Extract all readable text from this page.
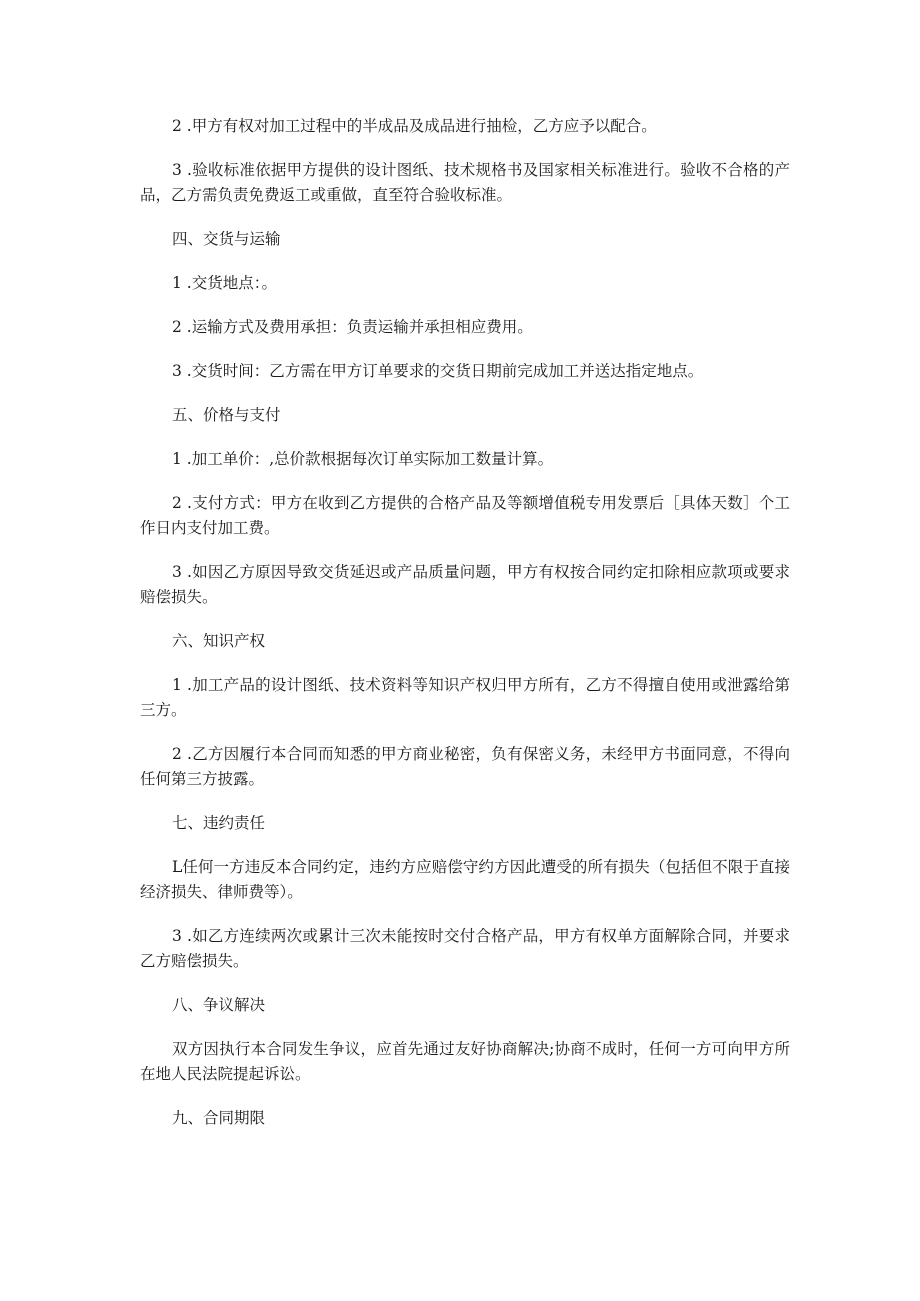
2 .甲方有权对加工过程中的半成品及成品进行抽检，乙方应予以配合。

3 .验收标准依据甲方提供的设计图纸、技术规格书及国家相关标准进行。验收不合格的产品，乙方需负责免费返工或重做，直至符合验收标准。

四、交货与运输

1 .交货地点：。

2 .运输方式及费用承担：负责运输并承担相应费用。

3 .交货时间：乙方需在甲方订单要求的交货日期前完成加工并送达指定地点。

五、价格与支付

1 .加工单价：,总价款根据每次订单实际加工数量计算。

2 .支付方式：甲方在收到乙方提供的合格产品及等额增值税专用发票后［具体天数］个工作日内支付加工费。

3 .如因乙方原因导致交货延迟或产品质量问题，甲方有权按合同约定扣除相应款项或要求赔偿损失。

六、知识产权

1 .加工产品的设计图纸、技术资料等知识产权归甲方所有，乙方不得擅自使用或泄露给第三方。

2 .乙方因履行本合同而知悉的甲方商业秘密，负有保密义务，未经甲方书面同意，不得向任何第三方披露。

七、违约责任

L任何一方违反本合同约定，违约方应赔偿守约方因此遭受的所有损失（包括但不限于直接经济损失、律师费等）。

3 .如乙方连续两次或累计三次未能按时交付合格产品，甲方有权单方面解除合同，并要求乙方赔偿损失。

八、争议解决

双方因执行本合同发生争议，应首先通过友好协商解决;协商不成时，任何一方可向甲方所在地人民法院提起诉讼。

九、合同期限
